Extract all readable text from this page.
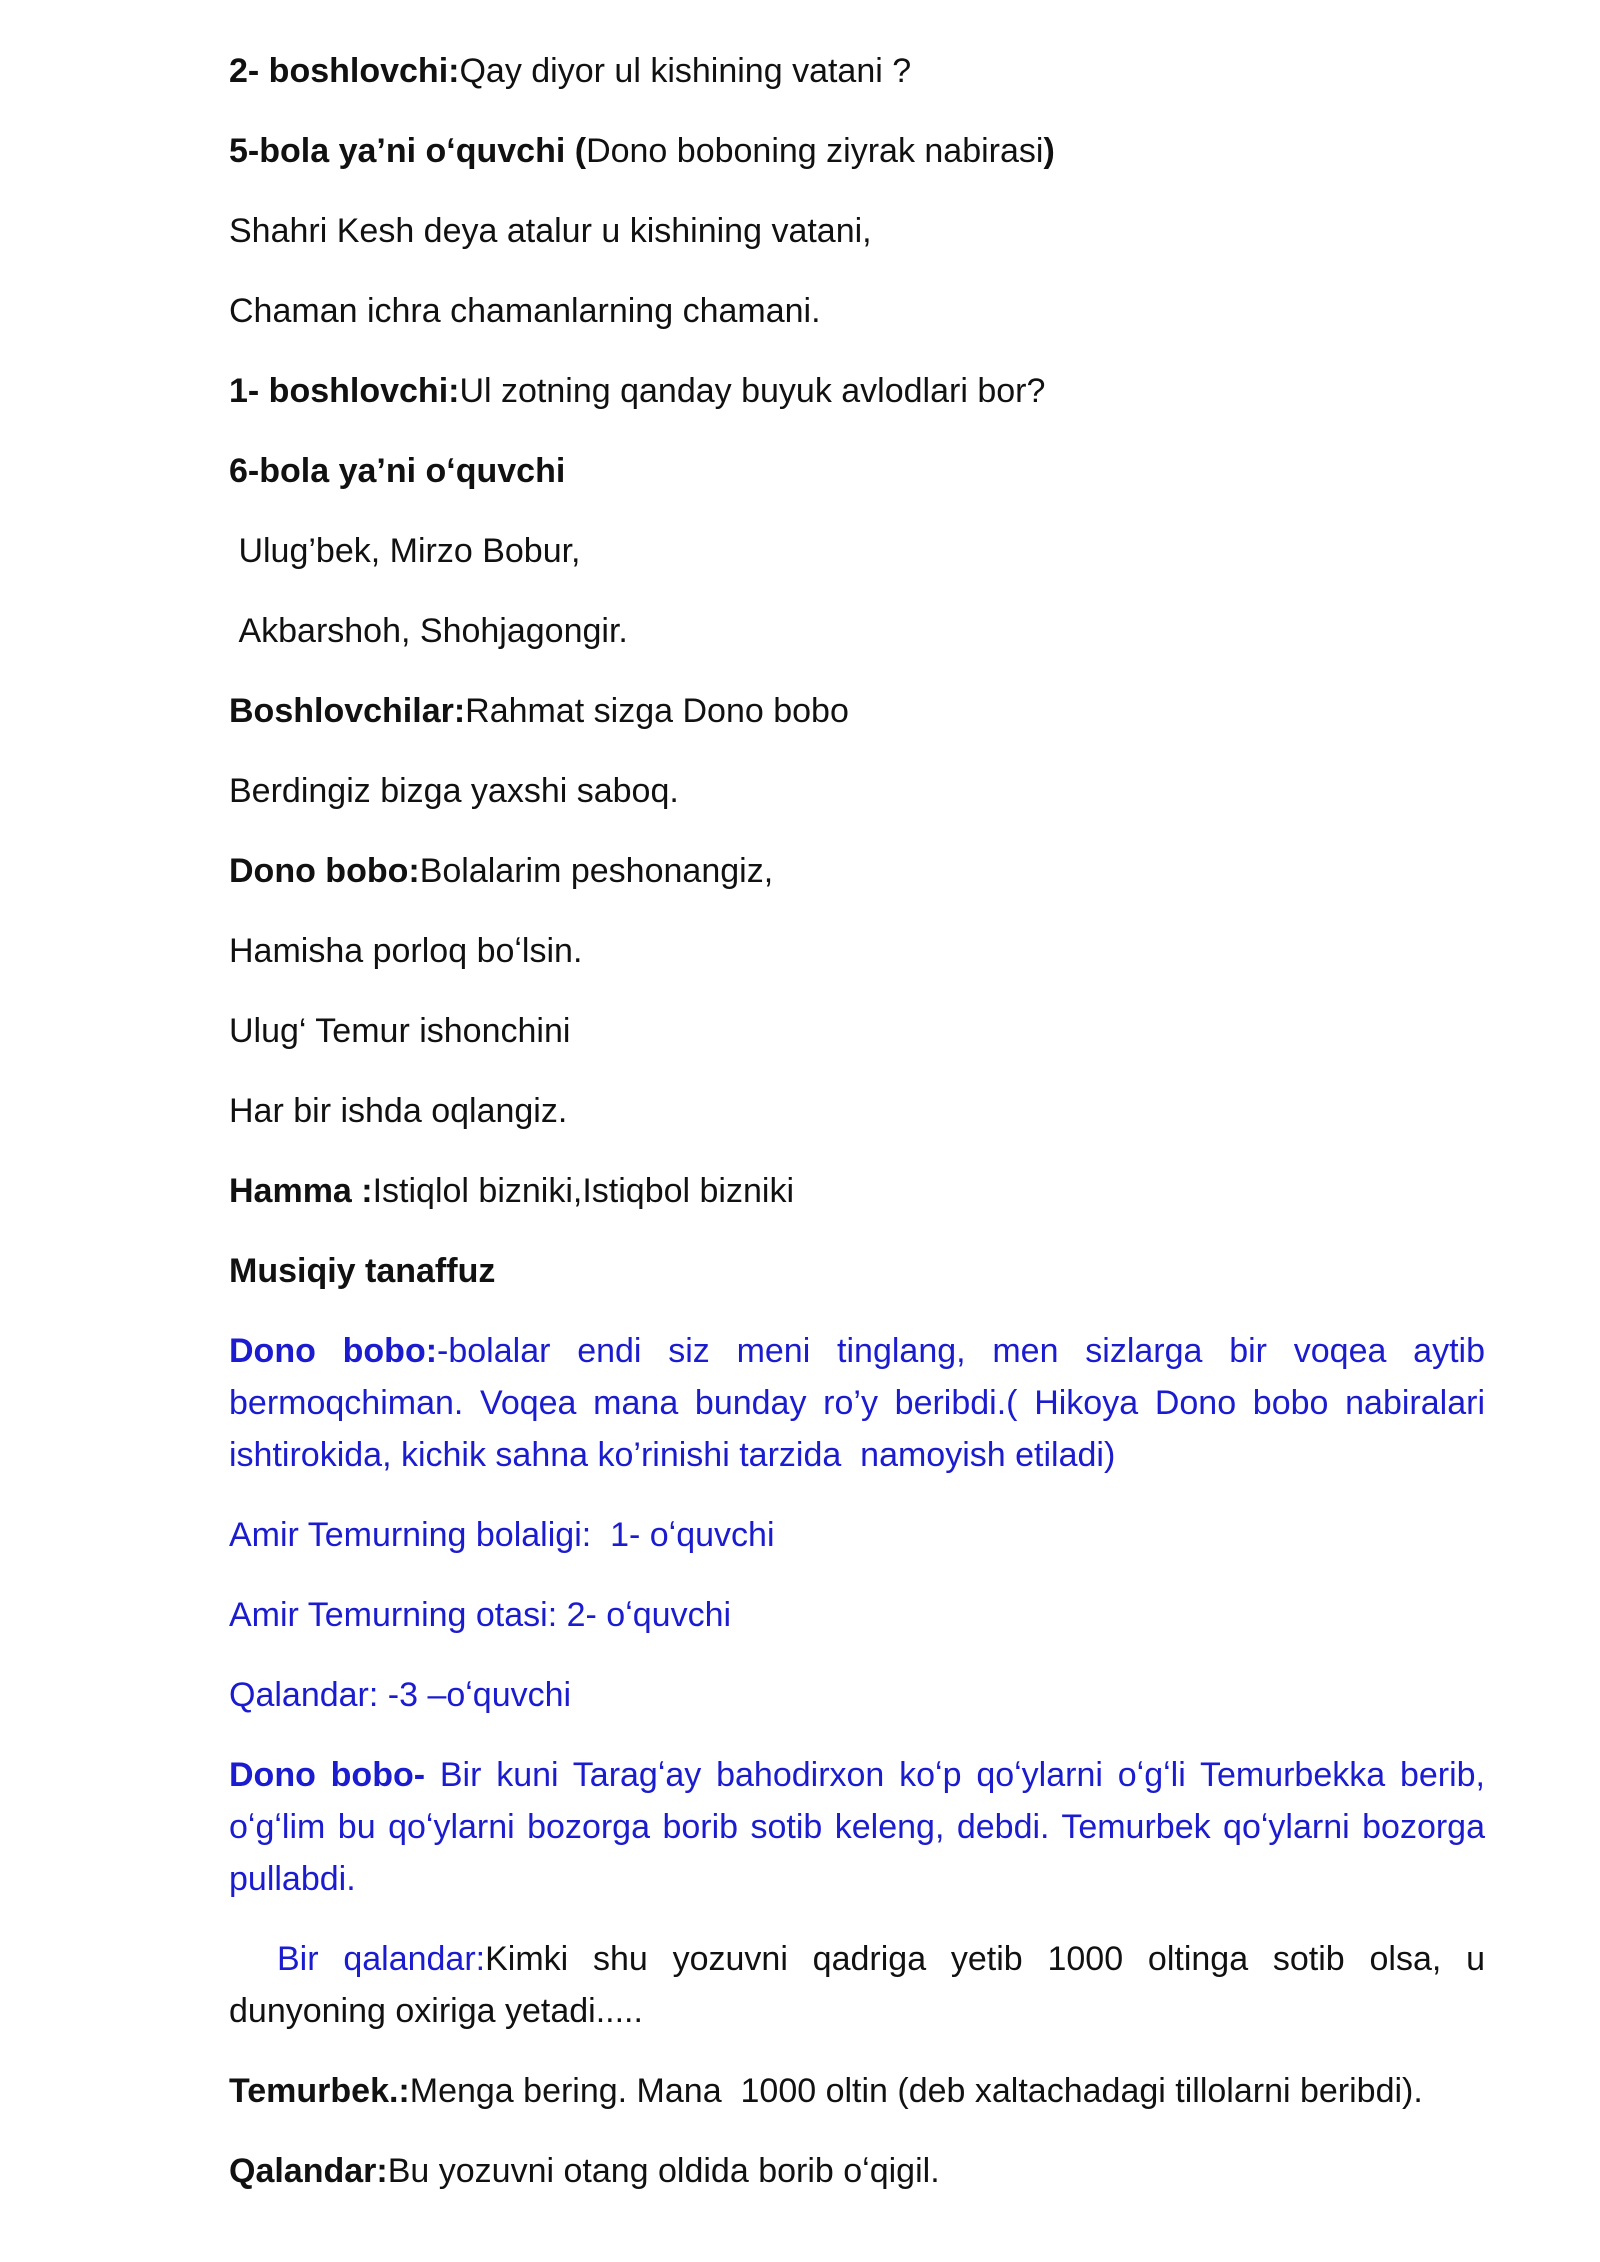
2- boshlovchi:Qay diyor ul kishining vatani ?

5-bola ya’ni oʻquvchi (Dono boboning ziyrak nabirasi)

Shahri Kesh deya atalur u kishining vatani,

Chaman ichra chamanlarning chamani.

1- boshlovchi:Ul zotning qanday buyuk avlodlari bor?

6-bola ya’ni oʻquvchi

Ulug’bek, Mirzo Bobur,

Akbarshoh, Shohjagongir.

Boshlovchilar:Rahmat sizga Dono bobo

Berdingiz bizga yaxshi saboq.

Dono bobo:Bolalarim peshonangiz,

Hamisha porloq boʻlsin.

Ulug‘ Temur ishonchini

Har bir ishda oqlangiz.

Hamma :Istiqlol bizniki,Istiqbol bizniki

Musiqiy tanaffuz

Dono bobo:-bolalar endi siz meni tinglang, men sizlarga bir voqea aytib bermoqchiman. Voqea mana bunday ro’y beribdi.( Hikoya Dono bobo nabiralari ishtirokida, kichik sahna ko’rinishi tarzida  namoyish etiladi)

Amir Temurning bolaligi:  1- oʻquvchi

Amir Temurning otasi: 2- oʻquvchi

Qalandar: -3 –oʻquvchi

Dono bobo- Bir kuni Taragʻay bahodirxon koʻp qoʻylarni oʻgʻli Temurbekka berib, oʻgʻlim bu qoʻylarni bozorga borib sotib keleng, debdi. Temurbek qoʻylarni bozorga pullabdi.

Bir qalandar:Kimki shu yozuvni qadriga yetib 1000 oltinga sotib olsa, u dunyoning oxiriga yetadi.....

Temurbek.:Menga bering. Mana  1000 oltin (deb xaltachadagi tillolarni beribdi).

Qalandar:Bu yozuvni otang oldida borib oʻqigil.
